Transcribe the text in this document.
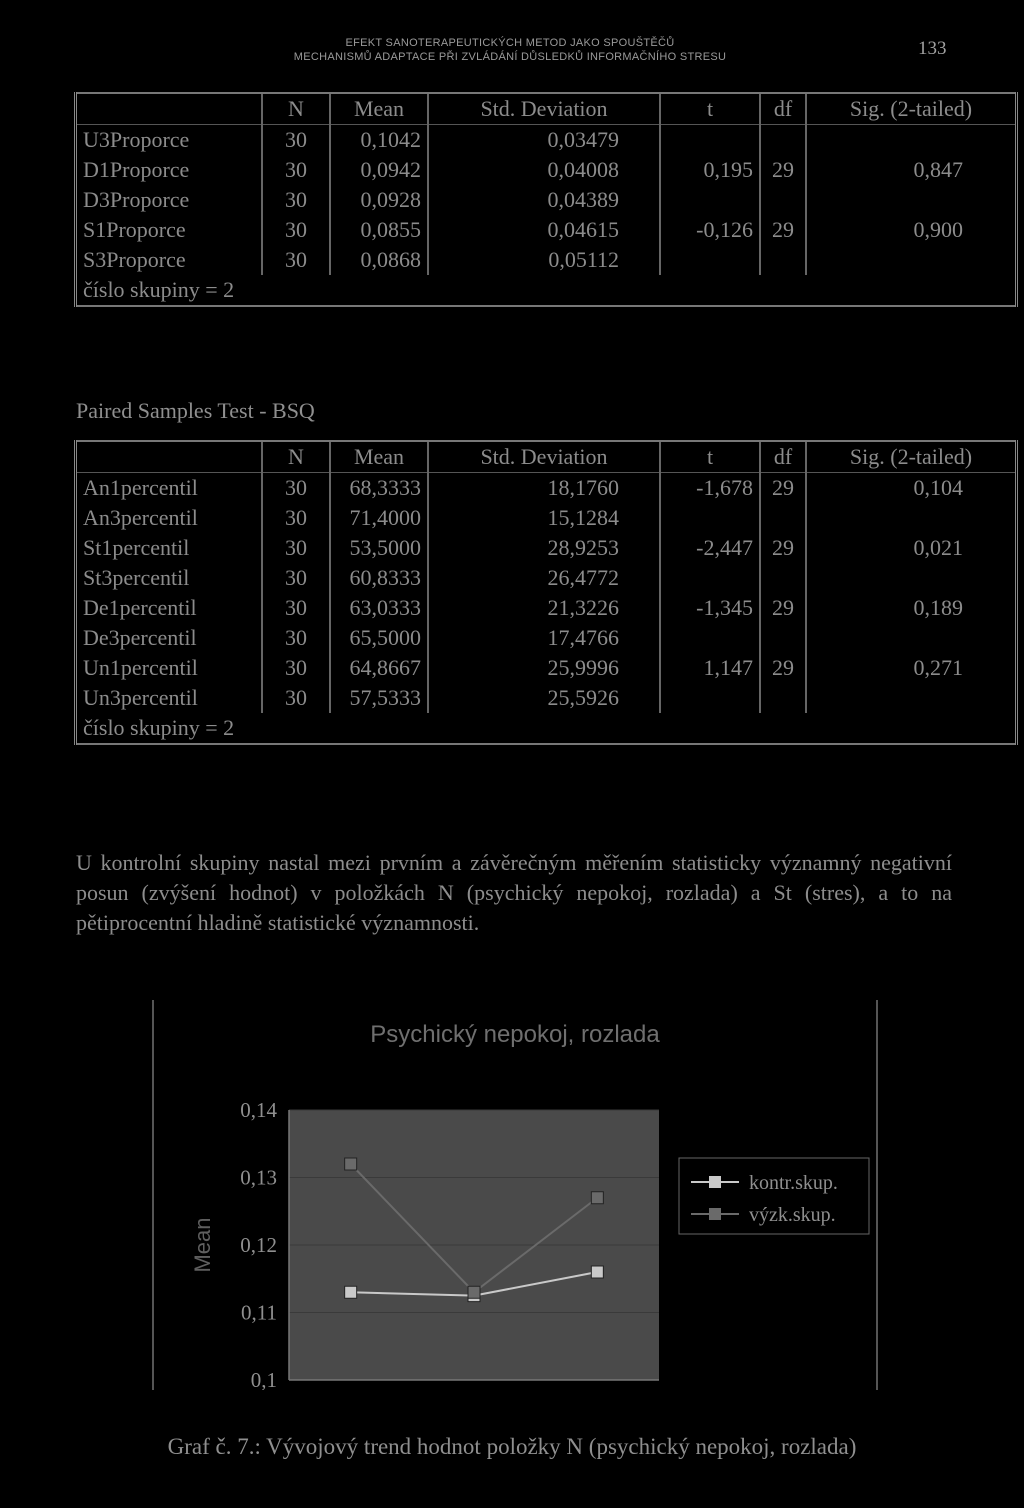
EFEKT SANOTERAPEUTICKÝCH METOD JAKO SPOUŠTĚČŮ
MECHANISMŮ ADAPTACE PŘI ZVLÁDÁNÍ DŮSLEDKŮ INFORMAČNÍHO STRESU	133
	N	Mean	Std. Deviation	t	df	Sig. (2-tailed)
U3Proporce	30	0,1042	0,03479			
D1Proporce	30	0,0942	0,04008	0,195	29	0,847
D3Proporce	30	0,0928	0,04389			
S1Proporce	30	0,0855	0,04615	-0,126	29	0,900
S3Proporce	30	0,0868	0,05112			
číslo skupiny = 2						
Paired Samples Test - BSQ
	N	Mean	Std. Deviation	t	df	Sig. (2-tailed)
An1percentil	30	68,3333	18,1760	-1,678	29	0,104
An3percentil	30	71,4000	15,1284			
St1percentil	30	53,5000	28,9253	-2,447	29	0,021
St3percentil	30	60,8333	26,4772			
De1percentil	30	63,0333	21,3226	-1,345	29	0,189
De3percentil	30	65,5000	17,4766			
Un1percentil	30	64,8667	25,9996	1,147	29	0,271
Un3percentil	30	57,5333	25,5926			
číslo skupiny = 2						
U kontrolní skupiny nastal mezi prvním a závěrečným měřením statisticky významný negativní posun (zvýšení hodnot) v položkách N (psychický nepokoj, rozlada) a St (stres), a to na pětiprocentní hladině statistické významnosti.
Psychický nepokoj, rozlada
0,14
0,13
0,12
0,11
0,1
Mean
kontr.skup.
výzk.skup.
Graf č. 7.: Vývojový trend hodnot položky N (psychický nepokoj, rozlada)
